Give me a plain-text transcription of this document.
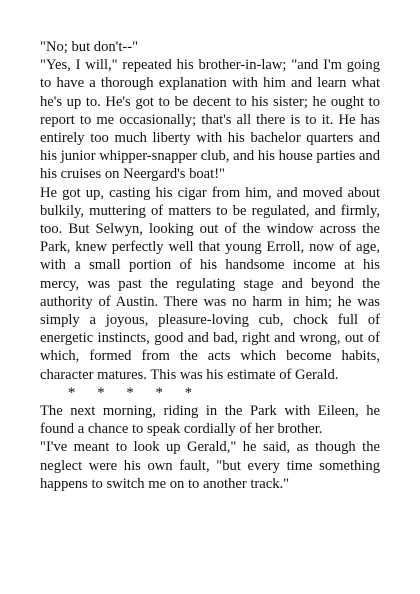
"No; but don't--"

"Yes, I will," repeated his brother-in-law; "and I'm going to have a thorough explanation with him and learn what he's up to. He's got to be decent to his sister; he ought to report to me occasionally; that's all there is to it. He has entirely too much liberty with his bachelor quarters and his junior whipper-snapper club, and his house parties and his cruises on Neergard's boat!"

He got up, casting his cigar from him, and moved about bulkily, muttering of matters to be regulated, and firmly, too. But Selwyn, looking out of the window across the Park, knew perfectly well that young Erroll, now of age, with a small portion of his handsome income at his mercy, was past the regulating stage and beyond the authority of Austin. There was no harm in him; he was simply a joyous, pleasure-loving cub, chock full of energetic instincts, good and bad, right and wrong, out of which, formed from the acts which become habits, character matures. This was his estimate of Gerald.

*      *      *      *      *

The next morning, riding in the Park with Eileen, he found a chance to speak cordially of her brother.

"I've meant to look up Gerald," he said, as though the neglect were his own fault, "but every time something happens to switch me on to another track."
